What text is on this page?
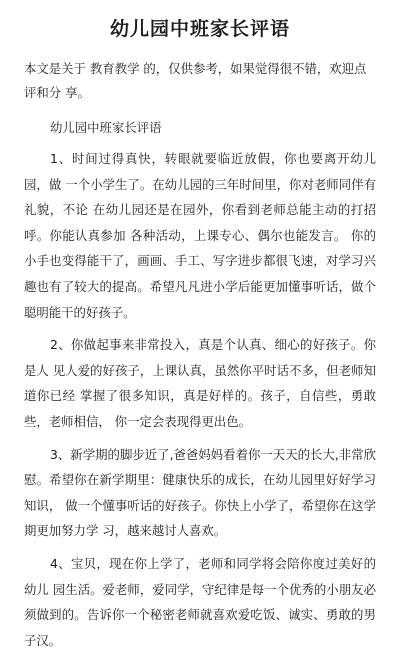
幼儿园中班家长评语

本文是关于 教育教学 的，仅供参考，如果觉得很不错，欢迎点评和分 享。

幼儿园中班家长评语

1、时间过得真快，转眼就要临近放假，你也要离开幼儿园，做 一个小学生了。在幼儿园的三年时间里，你对老师同伴有礼貌，不论 在幼儿园还是在园外，你看到老师总能主动的打招呼。你能认真参加 各种活动，上课专心、偶尔也能发言。 你的小手也变得能干了，画画、手工、写字进步都很飞速，对学习兴趣也有了较大的提高。希望凡凡进小学后能更加懂事听话，做个聪明能干的好孩子。

2、你做起事来非常投入，真是个认真、细心的好孩子。你是人 见人爱的好孩子，上课认真，虽然你平时话不多，但老师知道你已经 掌握了很多知识，真是好样的。孩子，自信些，勇敢些，老师相信， 你一定会表现得更出色。

3、新学期的脚步近了,爸爸妈妈看着你一天天的长大,非常欣 慰。希望你在新学期里：健康快乐的成长，在幼儿园里好好学习知识， 做一个懂事听话的好孩子。你快上小学了，希望你在这学期更加努力学 习，越来越讨人喜欢。

4、宝贝，现在你上学了，老师和同学将会陪你度过美好的幼儿 园生活。爱老师，爱同学，守纪律是每一个优秀的小朋友必须做到的。告诉你一个秘密老师就喜欢爱吃饭、诚实、勇敢的男子汉。
